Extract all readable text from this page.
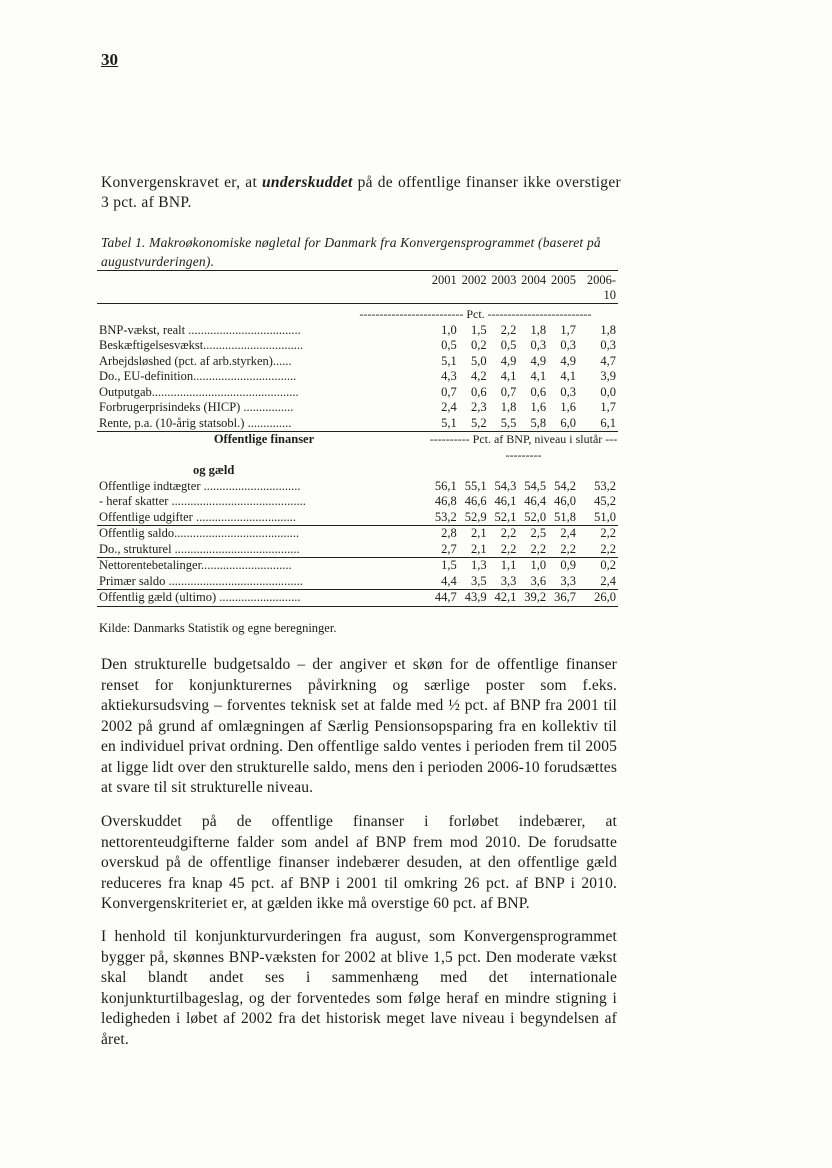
30

Konvergenskravet er, at underskuddet på de offentlige finanser ikke overstiger 3 pct. af BNP.

Tabel 1. Makroøkonomiske nøgletal for Danmark fra Konvergensprogrammet (baseret på augustvurderingen).
	2001	2002	2003	2004	2005	2006-10
-------------------------- Pct. --------------------------						
BNP-vækst, realt ....................................	1,0	1,5	2,2	1,8	1,7	1,8
Beskæftigelsesvækst................................	0,5	0,2	0,5	0,3	0,3	0,3
Arbejdsløshed (pct. af arb.styrken)......	5,1	5,0	4,9	4,9	4,9	4,7
Do., EU-definition.................................	4,3	4,2	4,1	4,1	4,1	3,9
Outputgab...............................................	0,7	0,6	0,7	0,6	0,3	0,0
Forbrugerprisindeks (HICP) ................	2,4	2,3	1,8	1,6	1,6	1,7
Rente, p.a. (10-årig statsobl.) ..............	5,1	5,2	5,5	5,8	6,0	6,1
Offentlige finanser	---------- Pct. af BNP, niveau i slutår ------------					
og gæld						
Offentlige indtægter ...............................	56,1	55,1	54,3	54,5	54,2	53,2
- heraf skatter ...........................................	46,8	46,6	46,1	46,4	46,0	45,2
Offentlige udgifter ................................	53,2	52,9	52,1	52,0	51,8	51,0
Offentlig saldo........................................	2,8	2,1	2,2	2,5	2,4	2,2
Do., strukturel ........................................	2,7	2,1	2,2	2,2	2,2	2,2
Nettorentebetalinger.............................	1,5	1,3	1,1	1,0	0,9	0,2
Primær saldo ...........................................	4,4	3,5	3,3	3,6	3,3	2,4
Offentlig gæld (ultimo) ..........................	44,7	43,9	42,1	39,2	36,7	26,0
Kilde: Danmarks Statistik og egne beregninger.

Den strukturelle budgetsaldo – der angiver et skøn for de offentlige finanser renset for konjunkturernes påvirkning og særlige poster som f.eks. aktiekursudsving – forventes teknisk set at falde med ½ pct. af BNP fra 2001 til 2002 på grund af omlægningen af Særlig Pensionsopsparing fra en kollektiv til en individuel privat ordning. Den offentlige saldo ventes i perioden frem til 2005 at ligge lidt over den strukturelle saldo, mens den i perioden 2006-10 forudsættes at svare til sit strukturelle niveau.

Overskuddet på de offentlige finanser i forløbet indebærer, at nettorenteudgifterne falder som andel af BNP frem mod 2010. De forudsatte overskud på de offentlige finanser indebærer desuden, at den offentlige gæld reduceres fra knap 45 pct. af BNP i 2001 til omkring 26 pct. af BNP i 2010. Konvergenskriteriet er, at gælden ikke må overstige 60 pct. af BNP.

I henhold til konjunkturvurderingen fra august, som Konvergensprogrammet bygger på, skønnes BNP-væksten for 2002 at blive 1,5 pct. Den moderate vækst skal blandt andet ses i sammenhæng med det internationale konjunkturtilbageslag, og der forventedes som følge heraf en mindre stigning i ledigheden i løbet af 2002 fra det historisk meget lave niveau i begyndelsen af året.
